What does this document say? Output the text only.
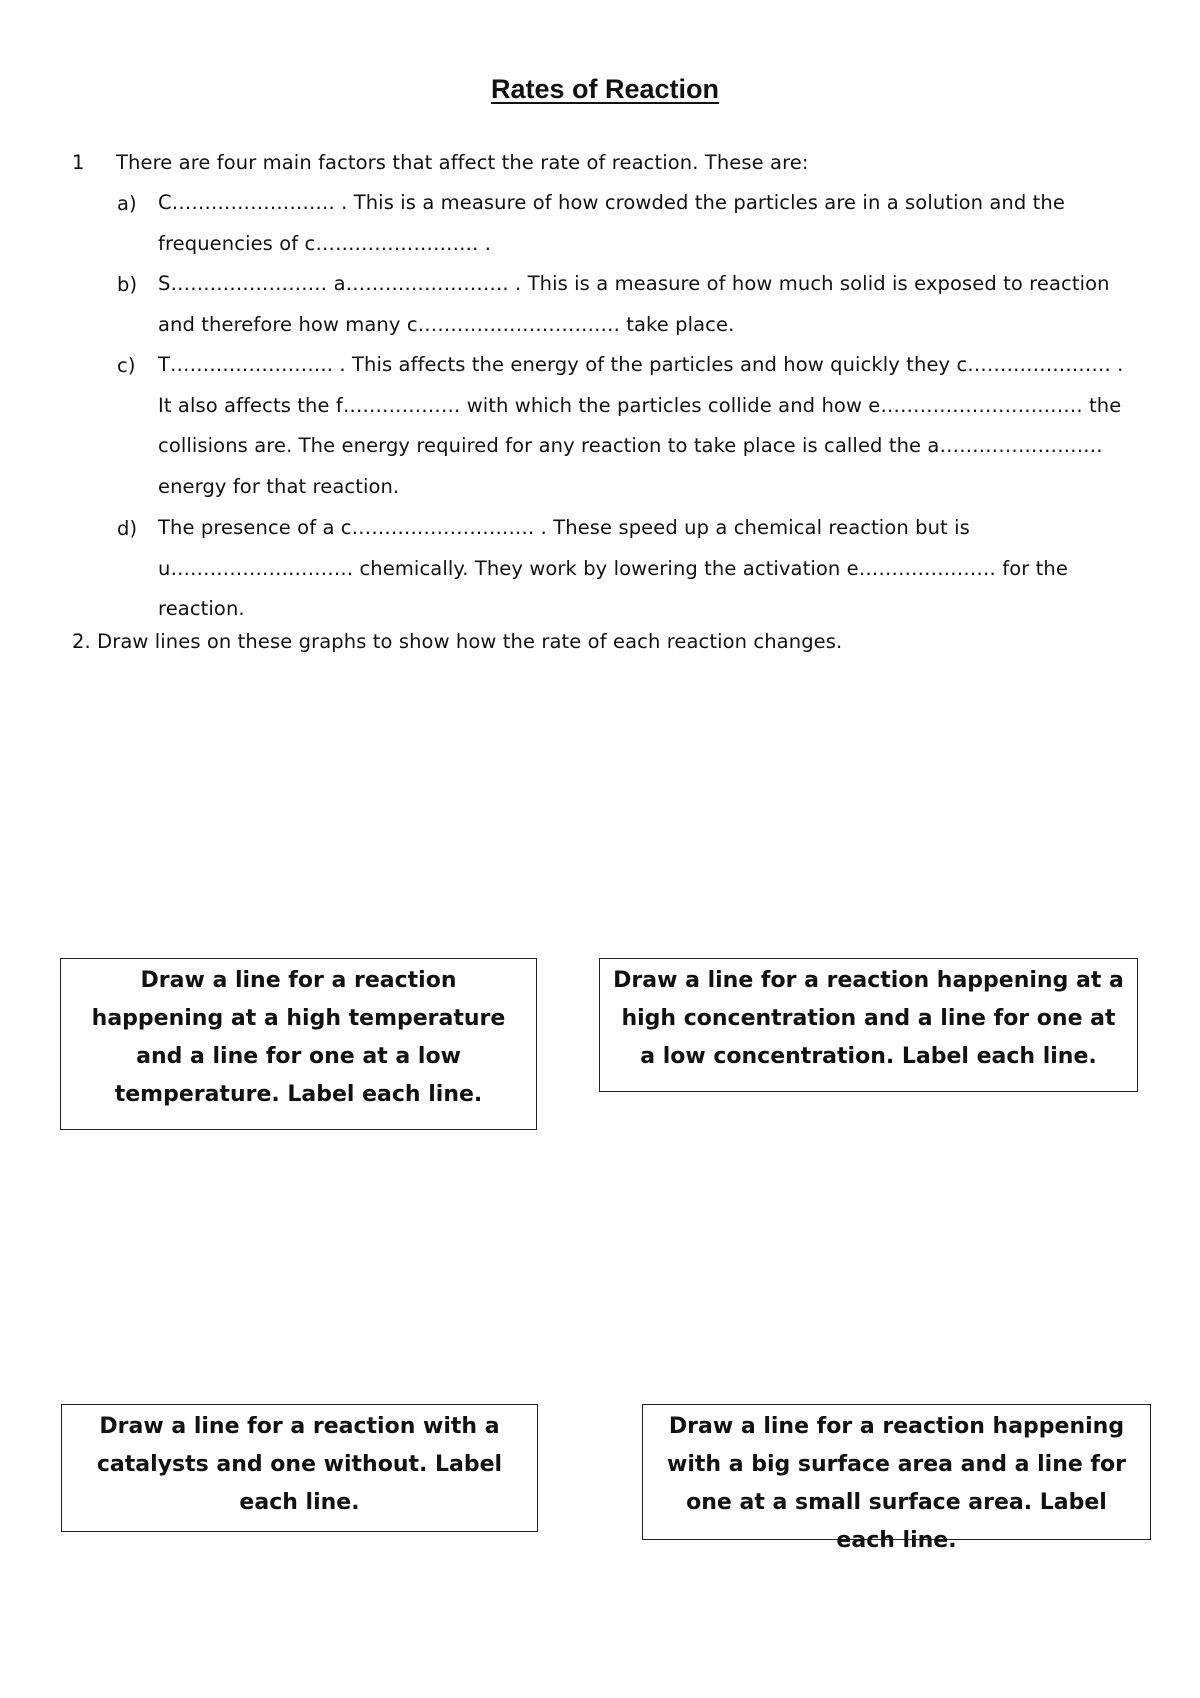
Rates of Reaction
1 There are four main factors that affect the rate of reaction. These are:
a) C……………………. . This is a measure of how crowded the particles are in a solution and the frequencies of c……………………. .
b) S…………………… a……………………. . This is a measure of how much solid is exposed to reaction and therefore how many c…………………………. take place.
c) T……………………. . This affects the energy of the particles and how quickly they c…………………. . It also affects the f……………… with which the particles collide and how e…………………………. the collisions are. The energy required for any reaction to take place is called the a……………………. energy for that reaction.
d) The presence of a c………………………. . These speed up a chemical reaction but is u………………………. chemically. They work by lowering the activation e………………… for the reaction.
2. Draw lines on these graphs to show how the rate of each reaction changes.
Draw a line for a reaction happening at a high temperature and a line for one at a low temperature. Label each line.
Draw a line for a reaction happening at a high concentration and a line for one at a low concentration. Label each line.
Draw a line for a reaction with a catalysts and one without. Label each line.
Draw a line for a reaction happening with a big surface area and a line for one at a small surface area. Label each line.
